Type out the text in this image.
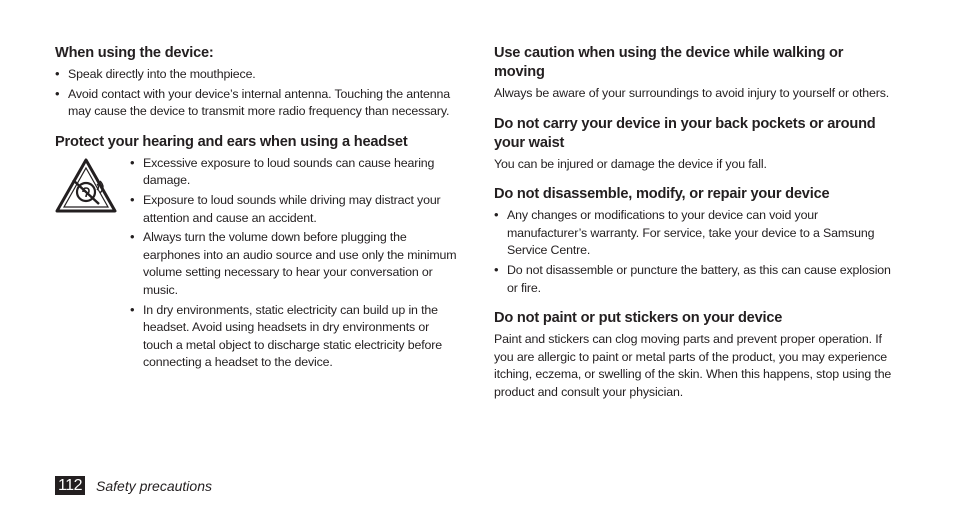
When using the device:
• Speak directly into the mouthpiece.
• Avoid contact with your device’s internal antenna. Touching the antenna may cause the device to transmit more radio frequency than necessary.
Protect your hearing and ears when using a headset
• Excessive exposure to loud sounds can cause hearing damage.
• Exposure to loud sounds while driving may distract your attention and cause an accident.
• Always turn the volume down before plugging the earphones into an audio source and use only the minimum volume setting necessary to hear your conversation or music.
• In dry environments, static electricity can build up in the headset. Avoid using headsets in dry environments or touch a metal object to discharge static electricity before connecting a headset to the device.
Use caution when using the device while walking or moving

Always be aware of your surroundings to avoid injury to yourself or others.

Do not carry your device in your back pockets or around your waist

You can be injured or damage the device if you fall.

Do not disassemble, modify, or repair your device
• Any changes or modifications to your device can void your manufacturer’s warranty. For service, take your device to a Samsung Service Centre.
• Do not disassemble or puncture the battery, as this can cause explosion or fire.
Do not paint or put stickers on your device

Paint and stickers can clog moving parts and prevent proper operation. If you are allergic to paint or metal parts of the product, you may experience itching, eczema, or swelling of the skin. When this happens, stop using the product and consult your physician.

112 Safety precautions
